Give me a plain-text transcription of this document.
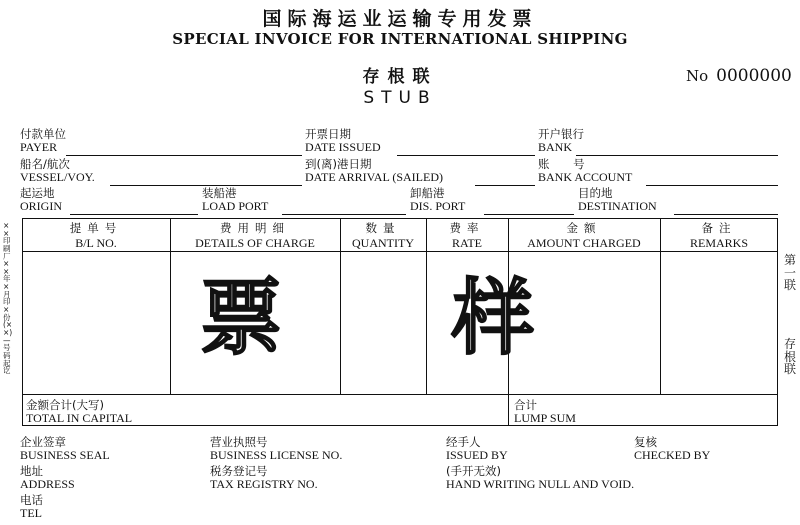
国际海运业运输专用发票
SPECIAL INVOICE FOR INTERNATIONAL SHIPPING
存根联
STUB
No 0000000
付款单位
PAYER
开票日期
DATE ISSUED
开户银行
BANK
船名/航次
VESSEL/VOY.
到(离)港日期
DATE ARRIVAL (SAILED)
账 号
BANK ACCOUNT
起运地
ORIGIN
装船港
LOAD PORT
卸船港
DIS. PORT
目的地
DESTINATION
提单号
B/L NO.
费用明细
DETAILS OF CHARGE
数量
QUANTITY
费率
RATE
金额
AMOUNT CHARGED
备注
REMARKS
票 样
金额合计(大写)
TOTAL IN CAPITAL
合计
LUMP SUM
第一联
存根联
××印刷厂××年×月印×份(××)—号码起讫
企业签章
BUSINESS SEAL
地址
ADDRESS
电话
TEL
营业执照号
BUSINESS LICENSE NO.
税务登记号
TAX REGISTRY NO.
经手人
ISSUED BY
(手开无效)
HAND WRITING NULL AND VOID.
复核
CHECKED BY
